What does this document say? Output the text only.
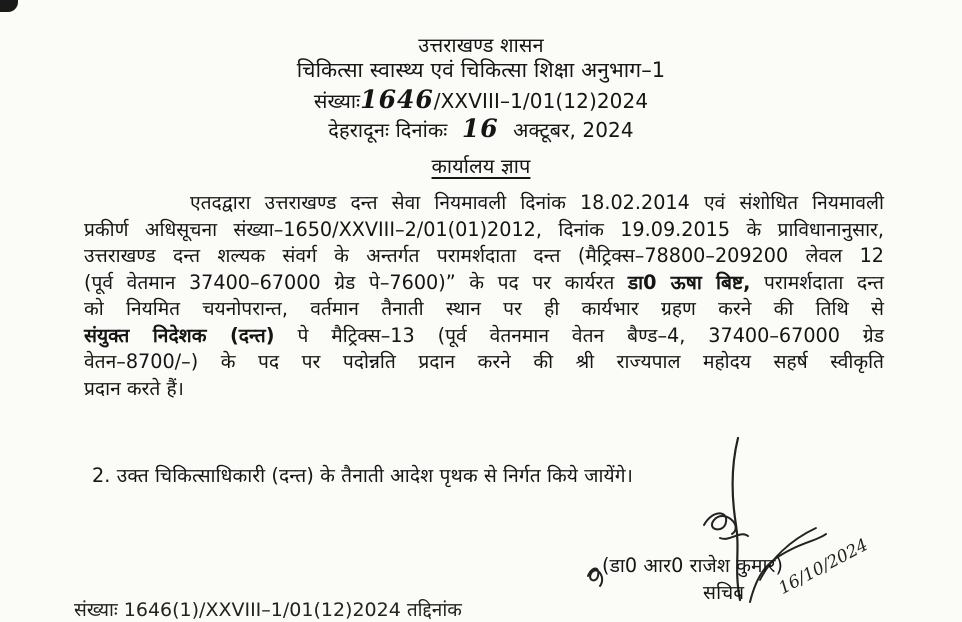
उत्तराखण्ड शासन
चिकित्सा स्वास्थ्य एवं चिकित्सा शिक्षा अनुभाग–1
संख्याः1646/XXVIII–1/01(12)2024
देहरादूनः दिनांकः 16 अक्टूबर, 2024
कार्यालय ज्ञाप
एतदद्वारा उत्तराखण्ड दन्त सेवा नियमावली दिनांक 18.02.2014 एवं संशोधित नियमावली
प्रकीर्ण अधिसूचना संख्या–1650/XXVIII–2/01(01)2012, दिनांक 19.09.2015 के प्राविधानानुसार,
उत्तराखण्ड दन्त शल्यक संवर्ग के अन्तर्गत परामर्शदाता दन्त (मैट्रिक्स–78800–209200 लेवल 12
(पूर्व वेतमान 37400–67000 ग्रेड पे–7600)” के पद पर कार्यरत डा0 ऊषा बिष्ट, परामर्शदाता दन्त
को नियमित चयनोपरान्त, वर्तमान तैनाती स्थान पर ही कार्यभार ग्रहण करने की तिथि से
संयुक्त निदेशक (दन्त) पे मैट्रिक्स–13 (पूर्व वेतनमान वेतन बैण्ड–4, 37400–67000 ग्रेड
वेतन–8700/–) के पद पर पदोन्नति प्रदान करने की श्री राज्यपाल महोदय सहर्ष स्वीकृति
प्रदान करते हैं।
2. उक्त चिकित्साधिकारी (दन्त) के तैनाती आदेश पृथक से निर्गत किये जायेंगे।
16/10/2024
(डा0 आर0 राजेश कुमार)
सचिव
संख्याः 1646(1)/XXVIII–1/01(12)2024 तद्दिनांक
